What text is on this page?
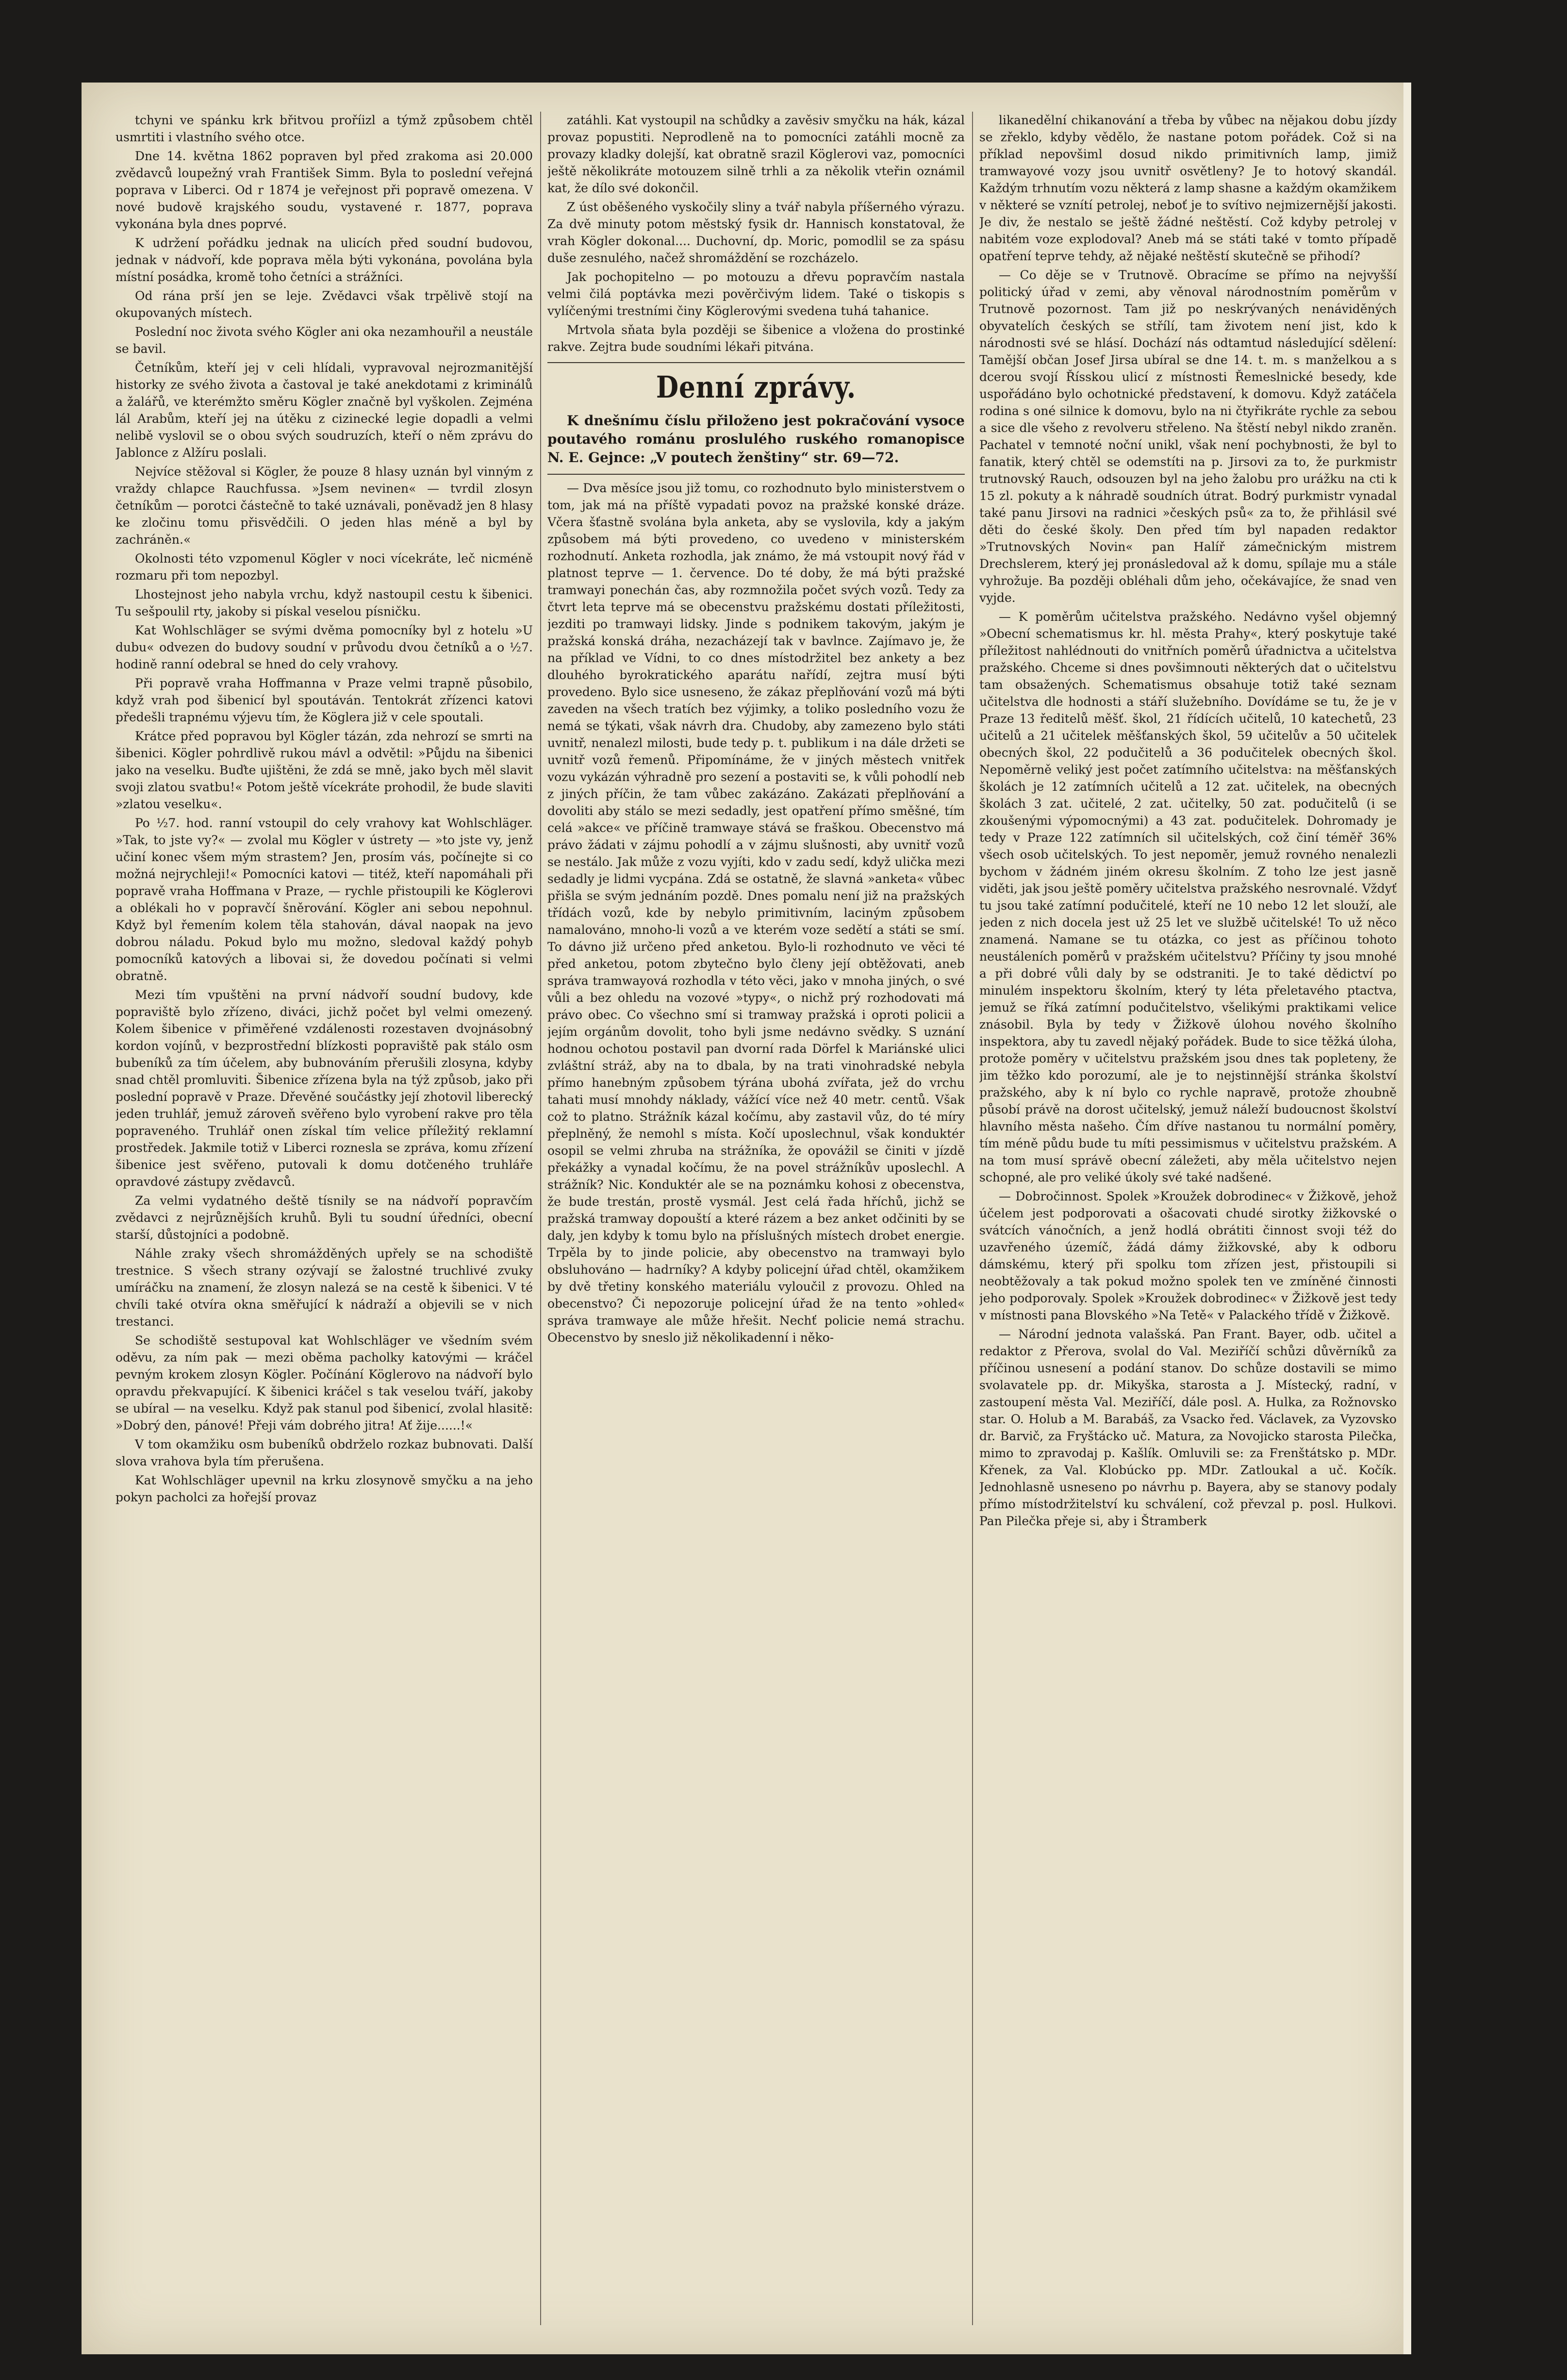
tchyni ve spánku krk břitvou proříizl a týmž způsobem chtěl usmrtiti i vlastního svého otce.

Dne 14. května 1862 popraven byl před zrakoma asi 20.000 zvědavců loupežný vrah František Simm. Byla to poslední veřejná poprava v Liberci. Od r 1874 je veřejnost při popravě omezena. V nové budově krajského soudu, vystavené r. 1877, poprava vykonána byla dnes poprvé.

K udržení pořádku jednak na ulicích před soudní budovou, jednak v nádvoří, kde poprava měla býti vykonána, povolána byla místní posádka, kromě toho četníci a strážníci.

Od rána prší jen se leje. Zvědavci však trpělivě stojí na okupovaných místech.

Poslední noc života svého Kögler ani oka nezamhouřil a neustále se bavil.

Četníkům, kteří jej v celi hlídali, vypravoval nejrozmanitější historky ze svého života a častoval je také anekdotami z kriminálů a žalářů, ve kterémžto směru Kögler značně byl vyškolen. Zejména lál Arabům, kteří jej na útěku z cizinecké legie dopadli a velmi nelibě vyslovil se o obou svých soudruzích, kteří o něm zprávu do Jablonce z Alžíru poslali.

Nejvíce stěžoval si Kögler, že pouze 8 hlasy uznán byl vinným z vraždy chlapce Rauchfussa. »Jsem nevinen« — tvrdil zlosyn četníkům — porotci částečně to také uznávali, poněvadž jen 8 hlasy ke zločinu tomu přisvědčili. O jeden hlas méně a byl by zachráněn.«

Okolnosti této vzpomenul Kögler v noci vícekráte, leč nicméně rozmaru při tom nepozbyl.

Lhostejnost jeho nabyla vrchu, když nastoupil cestu k šibenici. Tu sešpoulil rty, jakoby si pískal veselou písničku.

Kat Wohlschläger se svými dvěma pomocníky byl z hotelu »U dubu« odvezen do budovy soudní v průvodu dvou četníků a o ½7. hodině ranní odebral se hned do cely vrahovy.

Při popravě vraha Hoffmanna v Praze velmi trapně působilo, když vrah pod šibenicí byl spoutáván. Tentokrát zřízenci katovi předešli trapnému výjevu tím, že Köglera již v cele spoutali.

Krátce před popravou byl Kögler tázán, zda nehrozí se smrti na šibenici. Kögler pohrdlivě rukou mávl a odvětil: »Půjdu na šibenici jako na veselku. Buďte ujištěni, že zdá se mně, jako bych měl slavit svoji zlatou svatbu!« Potom ještě vícekráte prohodil, že bude slaviti »zlatou veselku«.

Po ½7. hod. ranní vstoupil do cely vrahovy kat Wohlschläger. »Tak, to jste vy?« — zvolal mu Kögler v ústrety — »to jste vy, jenž učiní konec všem mým strastem? Jen, prosím vás, počínejte si co možná nejrychleji!« Pomocníci katovi — titéž, kteří napomáhali při popravě vraha Hoffmana v Praze, — rychle přistoupili ke Köglerovi a oblékali ho v popravčí šněrování. Kögler ani sebou nepohnul. Když byl řemením kolem těla stahován, dával naopak na jevo dobrou náladu. Pokud bylo mu možno, sledoval každý pohyb pomocníků katových a libovai si, že dovedou počínati si velmi obratně.

Mezi tím vpuštěni na první nádvoří soudní budovy, kde popraviště bylo zřízeno, diváci, jichž počet byl velmi omezený. Kolem šibenice v přiměřené vzdálenosti rozestaven dvojnásobný kordon vojínů, v bezprostřední blízkosti popraviště pak stálo osm bubeníků za tím účelem, aby bubnováním přerušili zlosyna, kdyby snad chtěl promluviti. Šibenice zřízena byla na týž způsob, jako při poslední popravě v Praze. Dřevěné součástky její zhotovil liberecký jeden truhlář, jemuž zároveň svěřeno bylo vyrobení rakve pro těla popraveného. Truhlář onen získal tím velice příležitý reklamní prostředek. Jakmile totiž v Liberci roznesla se zpráva, komu zřízení šibenice jest svěřeno, putovali k domu dotčeného truhláře opravdové zástupy zvědavců.

Za velmi vydatného deště tísnily se na nádvoří popravčím zvědavci z nejrůznějších kruhů. Byli tu soudní úředníci, obecní starší, důstojníci a podobně.

Náhle zraky všech shromážděných upřely se na schodiště trestnice. S všech strany ozývají se žalostné truchlivé zvuky umíráčku na znamení, že zlosyn nalezá se na cestě k šibenici. V té chvíli také otvíra okna směřující k nádraží a objevili se v nich trestanci.

Se schodiště sestupoval kat Wohlschläger ve všedním svém oděvu, za ním pak — mezi oběma pacholky katovými — kráčel pevným krokem zlosyn Kögler. Počínání Köglerovo na nádvoří bylo opravdu překvapující. K šibenici kráčel s tak veselou tváří, jakoby se ubíral — na veselku. Když pak stanul pod šibenicí, zvolal hlasitě: »Dobrý den, pánové! Přeji vám dobrého jitra! Ať žije......!«

V tom okamžiku osm bubeníků obdrželo rozkaz bubnovati. Další slova vrahova byla tím přerušena.

Kat Wohlschläger upevnil na krku zlosynově smyčku a na jeho pokyn pacholci za hořejší provaz

zatáhli. Kat vystoupil na schůdky a zavěsiv smyčku na hák, kázal provaz popustiti. Neprodleně na to pomocníci zatáhli mocně za provazy kladky dolejší, kat obratně srazil Köglerovi vaz, pomocníci ještě několikráte motouzem silně trhli a za několik vteřin oznámil kat, že dílo své dokončil.

Z úst oběšeného vyskočily sliny a tvář nabyla příšerného výrazu. Za dvě minuty potom městský fysik dr. Hannisch konstatoval, že vrah Kögler dokonal.... Duchovní, dp. Moric, pomodlil se za spásu duše zesnulého, načež shromáždění se rozcházelo.

Jak pochopitelno — po motouzu a dřevu popravčím nastala velmi čilá poptávka mezi pověrčivým lidem. Také o tiskopis s vylíčenými trestními činy Köglerovými svedena tuhá tahanice.

Mrtvola sňata byla později se šibenice a vložena do prostinké rakve. Zejtra bude soudními lékaři pitvána.

Denní zprávy.

K dnešnímu číslu přiloženo jest pokračování vysoce poutavého románu proslulého ruského romanopisce N. E. Gejnce: „V poutech ženštiny“ str. 69—72.

— Dva měsíce jsou již tomu, co rozhodnuto bylo ministerstvem o tom, jak má na příště vypadati povoz na pražské konské dráze. Včera šťastně svolána byla anketa, aby se vyslovila, kdy a jakým způsobem má býti provedeno, co uvedeno v ministerském rozhodnutí. Anketa rozhodla, jak známo, že má vstoupit nový řád v platnost teprve — 1. července. Do té doby, že má býti pražské tramwayi ponechán čas, aby rozmnožila počet svých vozů. Tedy za čtvrt leta teprve má se obecenstvu pražskému dostati příležitosti, jezditi po tramwayi lidsky. Jinde s podnikem takovým, jakým je pražská konská dráha, nezacházejí tak v bavlnce. Zajímavo je, že na příklad ve Vídni, to co dnes místodržitel bez ankety a bez dlouhého byrokratického aparátu nařídí, zejtra musí býti provedeno. Bylo sice usneseno, že zákaz přeplňování vozů má býti zaveden na všech tratích bez výjimky, a toliko posledního vozu že nemá se týkati, však návrh dra. Chudoby, aby zamezeno bylo státi uvnitř, nenalezl milosti, bude tedy p. t. publikum i na dále držeti se uvnitř vozů řemenů. Připomínáme, že v jiných městech vnitřek vozu vykázán výhradně pro sezení a postaviti se, k vůli pohodlí neb z jiných příčin, že tam vůbec zakázáno. Zakázati přeplňování a dovoliti aby stálo se mezi sedadly, jest opatření přímo směšné, tím celá »akce« ve příčině tramwaye stává se fraškou. Obecenstvo má právo žádati v zájmu pohodlí a v zájmu slušnosti, aby uvnitř vozů se nestálo. Jak může z vozu vyjíti, kdo v zadu sedí, když ulička mezi sedadly je lidmi vycpána. Zdá se ostatně, že slavná »anketa« vůbec přišla se svým jednáním pozdě. Dnes pomalu není již na pražských třídách vozů, kde by nebylo primitivním, laciným způsobem namalováno, mnoho-li vozů a ve kterém voze sedětí a státi se smí. To dávno již určeno před anketou. Bylo-li rozhodnuto ve věci té před anketou, potom zbytečno bylo členy její obtěžovati, aneb správa tramwayová rozhodla v této věci, jako v mnoha jiných, o své vůli a bez ohledu na vozové »typy«, o nichž prý rozhodovati má právo obec. Co všechno smí si tramway pražská i oproti policii a jejím orgánům dovolit, toho byli jsme nedávno svědky. S uznání hodnou ochotou postavil pan dvorní rada Dörfel k Mariánské ulici zvláštní stráž, aby na to dbala, by na trati vinohradské nebyla přímo hanebným způsobem týrána ubohá zvířata, jež do vrchu tahati musí mnohdy náklady, vážící více než 40 metr. centů. Však což to platno. Strážník kázal kočímu, aby zastavil vůz, do té míry přeplněný, že nemohl s místa. Kočí uposlechnul, však konduktér osopil se velmi zhruba na strážníka, že opovážil se činiti v jízdě překážky a vynadal kočímu, že na povel strážníkův uposlechl. A strážník? Nic. Konduktér ale se na poznámku kohosi z obecenstva, že bude trestán, prostě vysmál. Jest celá řada hříchů, jichž se pražská tramway dopouští a které rázem a bez anket odčiniti by se daly, jen kdyby k tomu bylo na příslušných místech drobet energie. Trpěla by to jinde policie, aby obecenstvo na tramwayi bylo obsluhováno — hadrníky? A kdyby policejní úřad chtěl, okamžikem by dvě třetiny konského materiálu vyloučil z provozu. Ohled na obecenstvo? Či nepozoruje policejní úřad že na tento »ohled« správa tramwaye ale může hřešit. Nechť policie nemá strachu. Obecenstvo by sneslo již několikadenní i něko-

likanedělní chikanování a třeba by vůbec na nějakou dobu jízdy se zřeklo, kdyby vědělo, že nastane potom pořádek. Což si na příklad nepovšiml dosud nikdo primitivních lamp, jimiž tramwayové vozy jsou uvnitř osvětleny? Je to hotový skandál. Každým trhnutím vozu některá z lamp shasne a každým okamžikem v některé se vznítí petrolej, neboť je to svítivo nejmizernější jakosti. Je div, že nestalo se ještě žádné neštěstí. Což kdyby petrolej v nabitém voze explodoval? Aneb má se státi také v tomto případě opatření teprve tehdy, až nějaké neštěstí skutečně se přihodí?

— Co děje se v Trutnově. Obracíme se přímo na nejvyšší politický úřad v zemi, aby věnoval národnostním poměrům v Trutnově pozornost. Tam již po neskrývaných nenáviděných obyvatelích českých se střílí, tam životem není jist, kdo k národnosti své se hlásí. Dochází nás odtamtud následující sdělení: Tamější občan Josef Jirsa ubíral se dne 14. t. m. s manželkou a s dcerou svojí Řísskou ulicí z místnosti Řemeslnické besedy, kde uspořádáno bylo ochotnické představení, k domovu. Když zatáčela rodina s oné silnice k domovu, bylo na ni čtyřikráte rychle za sebou a sice dle všeho z revolveru střeleno. Na štěstí nebyl nikdo zraněn. Pachatel v temnoté noční unikl, však není pochybnosti, že byl to fanatik, který chtěl se odemstíti na p. Jirsovi za to, že purkmistr trutnovský Rauch, odsouzen byl na jeho žalobu pro urážku na cti k 15 zl. pokuty a k náhradě soudních útrat. Bodrý purkmistr vynadal také panu Jirsovi na radnici »českých psů« za to, že přihlásil své děti do české školy. Den před tím byl napaden redaktor »Trutnovských Novin« pan Halíř zámečnickým mistrem Drechslerem, který jej pronásledoval až k domu, spílaje mu a stále vyhrožuje. Ba později obléhali dům jeho, očekávajíce, že snad ven vyjde.

— K poměrům učitelstva pražského. Nedávno vyšel objemný »Obecní schematismus kr. hl. města Prahy«, který poskytuje také příležitost nahlédnouti do vnitřních poměrů úřadnictva a učitelstva pražského. Chceme si dnes povšimnouti některých dat o učitelstvu tam obsažených. Schematismus obsahuje totiž také seznam učitelstva dle hodnosti a stáří služebního. Dovídáme se tu, že je v Praze 13 ředitelů měšť. škol, 21 řídících učitelů, 10 katechetů, 23 učitelů a 21 učitelek měšťanských škol, 59 učitelův a 50 učitelek obecných škol, 22 podučitelů a 36 podučitelek obecných škol. Nepoměrně veliký jest počet zatímního učitelstva: na měšťanských školách je 12 zatímních učitelů a 12 zat. učitelek, na obecných školách 3 zat. učitelé, 2 zat. učitelky, 50 zat. podučitelů (i se zkoušenými výpomocnými) a 43 zat. podučitelek. Dohromady je tedy v Praze 122 zatímních sil učitelských, což činí téměř 36% všech osob učitelských. To jest nepoměr, jemuž rovného nenalezli bychom v žádném jiném okresu školním. Z toho lze jest jasně viděti, jak jsou ještě poměry učitelstva pražského nesrovnalé. Vždyť tu jsou také zatímní podučitelé, kteří ne 10 nebo 12 let slouží, ale jeden z nich docela jest už 25 let ve službě učitelské! To už něco znamená. Namane se tu otázka, co jest as příčinou tohoto neustáleních poměrů v pražském učitelstvu? Příčiny ty jsou mnohé a při dobré vůli daly by se odstraniti. Je to také dědictví po minulém inspektoru školním, který ty léta přeletavého ptactva, jemuž se říká zatímní podučitelstvo, všelikými praktikami velice znásobil. Byla by tedy v Žižkově úlohou nového školního inspektora, aby tu zavedl nějaký pořádek. Bude to sice těžká úloha, protože poměry v učitelstvu pražském jsou dnes tak popleteny, že jim těžko kdo porozumí, ale je to nejstinnější stránka školství pražského, aby k ní bylo co rychle napravě, protože zhoubně působí právě na dorost učitelský, jemuž náleží budoucnost školství hlavního města našeho. Čím dříve nastanou tu normální poměry, tím méně půdu bude tu míti pessimismus v učitelstvu pražském. A na tom musí správě obecní záležeti, aby měla učitelstvo nejen schopné, ale pro veliké úkoly své také nadšené.

— Dobročinnost. Spolek »Kroužek dobrodinec« v Žižkově, jehož účelem jest podporovati a ošacovati chudé sirotky žižkovské o svátcích vánočních, a jenž hodlá obrátiti činnost svoji též do uzavřeného územíč, žádá dámy žižkovské, aby k odboru dámskému, který při spolku tom zřízen jest, přistoupili si neobtěžovaly a tak pokud možno spolek ten ve zmíněné činnosti jeho podporovaly. Spolek »Kroužek dobrodinec« v Žižkově jest tedy v místnosti pana Blovského »Na Tetě« v Palackého třídě v Žižkově.

— Národní jednota valašská. Pan Frant. Bayer, odb. učitel a redaktor z Přerova, svolal do Val. Meziříčí schůzi důvěrníků za příčinou usnesení a podání stanov. Do schůze dostavili se mimo svolavatele pp. dr. Mikyška, starosta a J. Místecký, radní, v zastoupení města Val. Meziříčí, dále posl. A. Hulka, za Rožnovsko star. O. Holub a M. Barabáš, za Vsacko řed. Václavek, za Vyzovsko dr. Barvič, za Fryštácko uč. Matura, za Novojicko starosta Pilečka, mimo to zpravodaj p. Kašlík. Omluvili se: za Frenštátsko p. MDr. Křenek, za Val. Klobúcko pp. MDr. Zatloukal a uč. Kočík. Jednohlasně usneseno po návrhu p. Bayera, aby se stanovy podaly přímo místodržitelství ku schválení, což převzal p. posl. Hulkovi. Pan Pilečka přeje si, aby i Štramberk
